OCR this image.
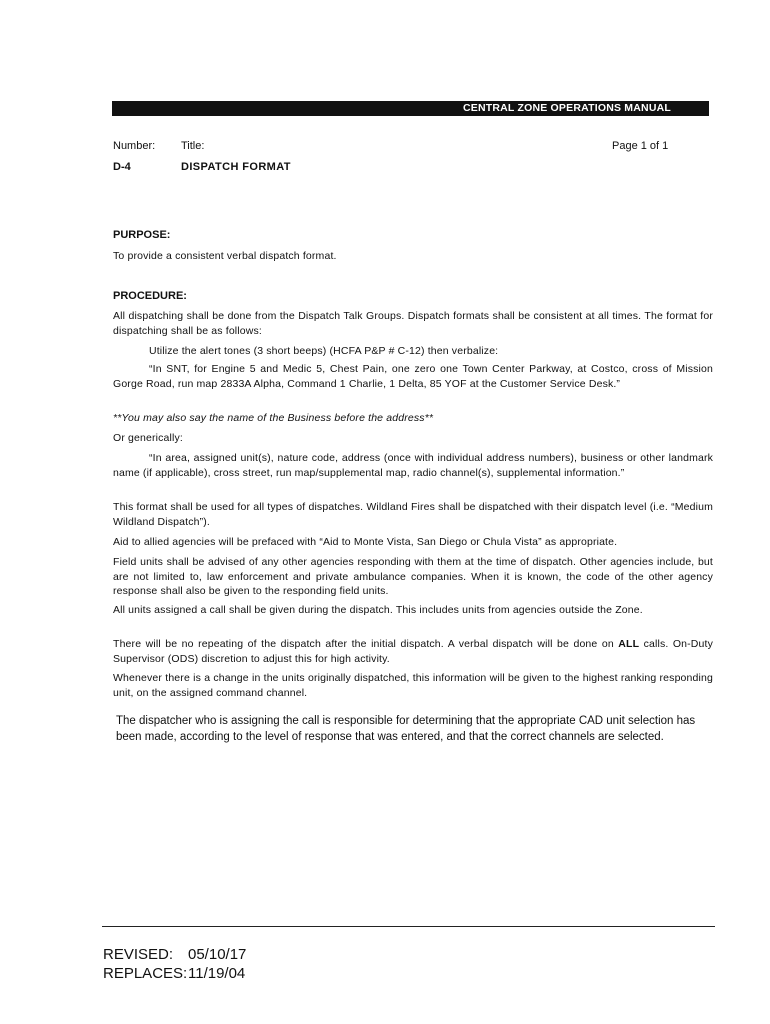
CENTRAL ZONE OPERATIONS MANUAL
Number: Title:	Page 1 of 1
D-4	DISPATCH FORMAT
PURPOSE:
To provide a consistent verbal dispatch format.
PROCEDURE:
All dispatching shall be done from the Dispatch Talk Groups. Dispatch formats shall be consistent at all times. The format for dispatching shall be as follows:
Utilize the alert tones (3 short beeps) (HCFA P&P # C-12) then verbalize:
“In SNT, for Engine 5 and Medic 5, Chest Pain, one zero one Town Center Parkway, at Costco, cross of Mission Gorge Road, run map 2833A Alpha, Command 1 Charlie, 1 Delta, 85 YOF at the Customer Service Desk.”
**You may also say the name of the Business before the address**
Or generically:
“In area, assigned unit(s), nature code, address (once with individual address numbers), business or other landmark name (if applicable), cross street, run map/supplemental map, radio channel(s), supplemental information.”
This format shall be used for all types of dispatches. Wildland Fires shall be dispatched with their dispatch level (i.e. “Medium Wildland Dispatch”).
Aid to allied agencies will be prefaced with “Aid to Monte Vista, San Diego or Chula Vista” as appropriate.
Field units shall be advised of any other agencies responding with them at the time of dispatch. Other agencies include, but are not limited to, law enforcement and private ambulance companies. When it is known, the code of the other agency response shall also be given to the responding field units.
All units assigned a call shall be given during the dispatch. This includes units from agencies outside the Zone.
There will be no repeating of the dispatch after the initial dispatch. A verbal dispatch will be done on ALL calls. On-Duty Supervisor (ODS) discretion to adjust this for high activity.
Whenever there is a change in the units originally dispatched, this information will be given to the highest ranking responding unit, on the assigned command channel.
The dispatcher who is assigning the call is responsible for determining that the appropriate CAD unit selection has been made, according to the level of response that was entered, and that the correct channels are selected.
REVISED: 05/10/17
REPLACES:11/19/04
